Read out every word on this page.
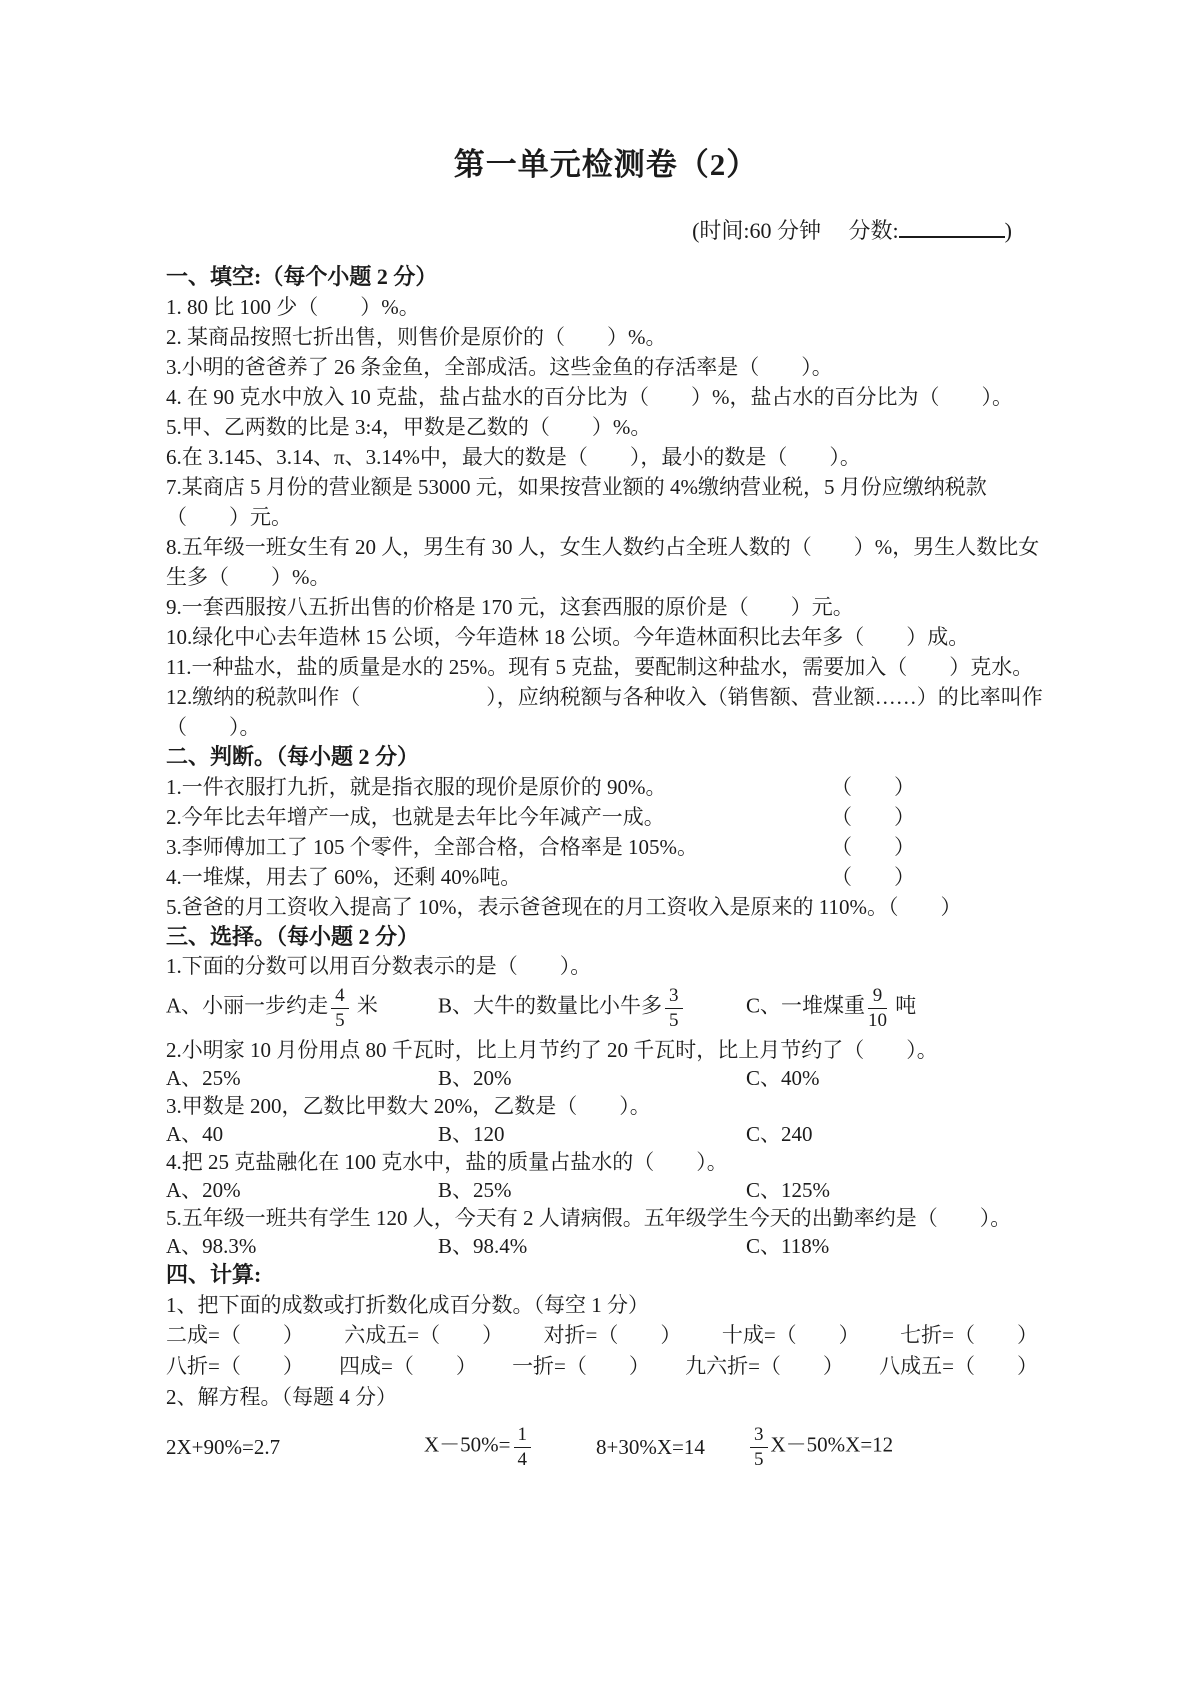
第一单元检测卷（2）
(时间:60 分钟　 分数:	)
一、填空:（每个小题 2 分）

1. 80 比 100 少（　　）%。

2. 某商品按照七折出售，则售价是原价的（　　）%。

3.小明的爸爸养了 26 条金鱼，全部成活。这些金鱼的存活率是（　　）。

4. 在 90 克水中放入 10 克盐，盐占盐水的百分比为（　　）%，盐占水的百分比为（　　）。

5.甲、乙两数的比是 3:4，甲数是乙数的（　　）%。

6.在 3.145、3.14、π、3.14%中，最大的数是（　　），最小的数是（　　）。

7.某商店 5 月份的营业额是 53000 元，如果按营业额的 4%缴纳营业税，5 月份应缴纳税款（　　）元。

8.五年级一班女生有 20 人，男生有 30 人，女生人数约占全班人数的（　　）%，男生人数比女生多（　　）%。

9.一套西服按八五折出售的价格是 170 元，这套西服的原价是（　　）元。

10.绿化中心去年造林 15 公顷，今年造林 18 公顷。今年造林面积比去年多（　　）成。

11.一种盐水，盐的质量是水的 25%。现有 5 克盐，要配制这种盐水，需要加入（　　）克水。

12.缴纳的税款叫作（　　　　　　），应纳税额与各种收入（销售额、营业额……）的比率叫作（　　）。

二、判断。（每小题 2 分）

1.一件衣服打九折，就是指衣服的现价是原价的 90%。	（　　）

2.今年比去年增产一成，也就是去年比今年减产一成。	（　　）

3.李师傅加工了 105 个零件，全部合格，合格率是 105%。	（　　）

4.一堆煤，用去了 60%，还剩 40%吨。	（　　）

5.爸爸的月工资收入提高了 10%，表示爸爸现在的月工资收入是原来的 110%。（　　）

三、选择。（每小题 2 分）

1.下面的分数可以用百分数表示的是（　　）。

A、小丽一步约走 $\frac{4}{5}$ 米	B、大牛的数量比小牛多 $\frac{3}{5}$	C、一堆煤重 $\frac{9}{10}$ 吨

2.小明家 10 月份用点 80 千瓦时，比上月节约了 20 千瓦时，比上月节约了（　　）。

A、25%	B、20%	C、40%

3.甲数是 200，乙数比甲数大 20%，乙数是（　　）。

A、40	B、120	C、240

4.把 25 克盐融化在 100 克水中，盐的质量占盐水的（　　）。

A、20%	B、25%	C、125%

5.五年级一班共有学生 120 人，今天有 2 人请病假。五年级学生今天的出勤率约是（　　）。

A、98.3%	B、98.4%	C、118%
四、计算:

1、把下面的成数或打折数化成百分数。（每空 1 分）

二成=（　　） 六成五=（　　） 对折=（　　） 十成=（　　） 七折=（　　）
八折=（　　） 四成=（　　） 一折=（　　） 九六折=（　　） 八成五=（　　）

2、解方程。（每题 4 分）

2X+90%=2.7	$X-50\%= \frac{1}{4}$	8+30%X=14	$\frac{3}{5} X-50\%X=12$
